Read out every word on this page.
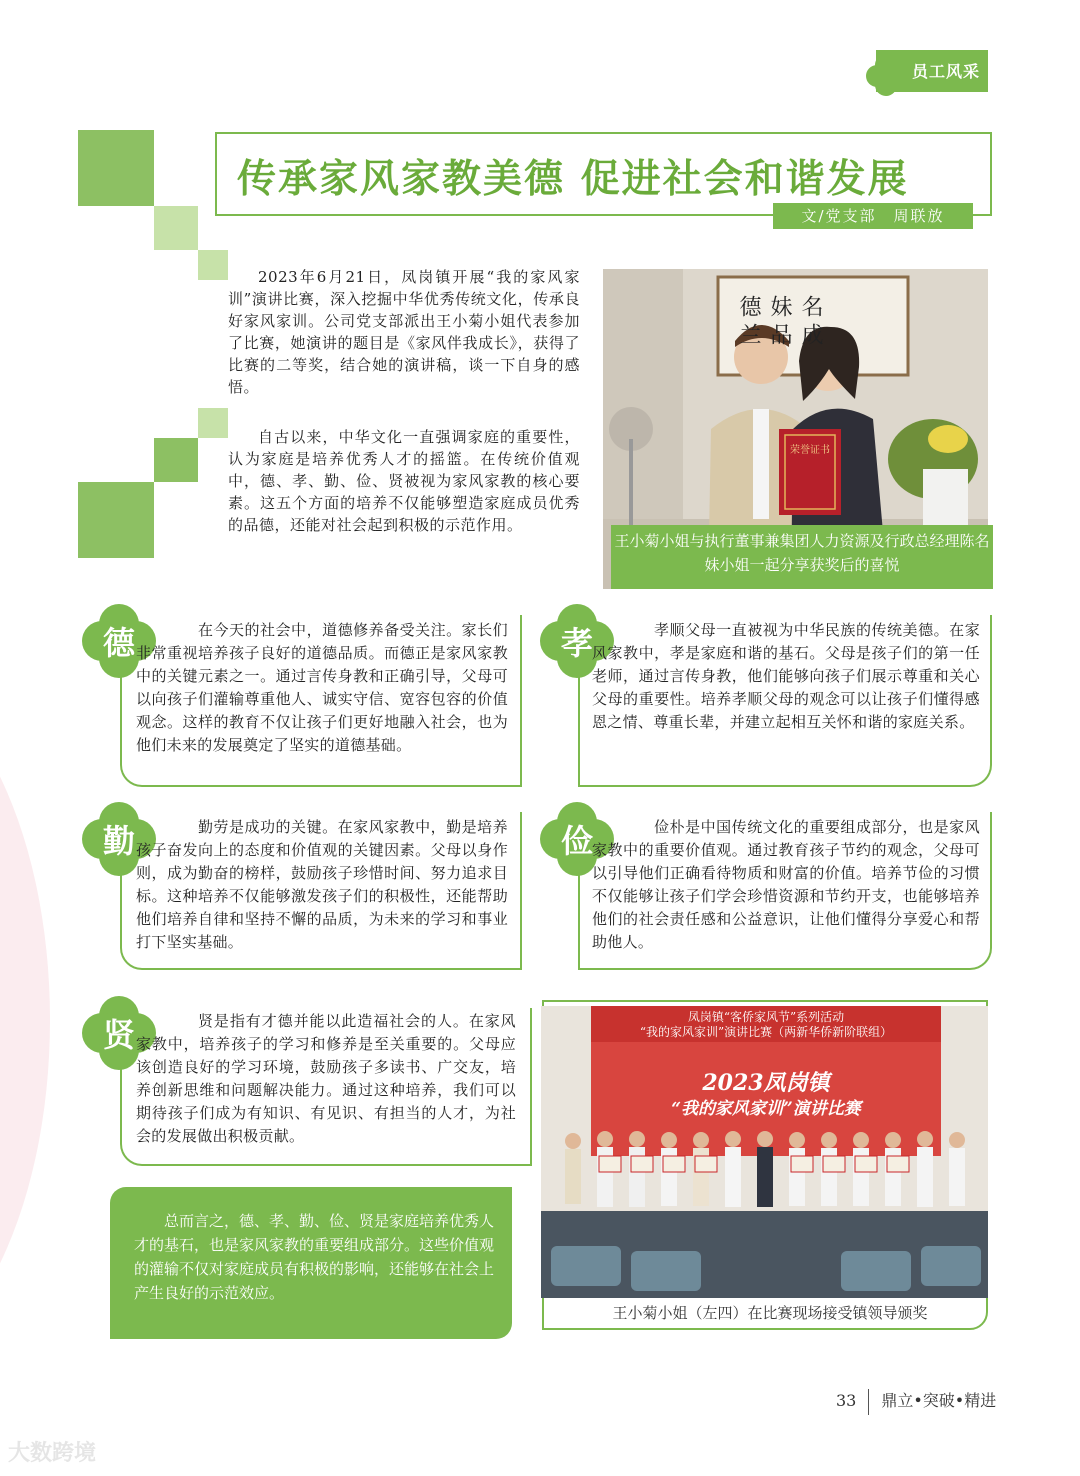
员工风采
传承家风家教美德 促进社会和谐发展
文/党支部　周联放
2023年6月21日，凤岗镇开展“我的家风家训”演讲比赛，深入挖掘中华优秀传统文化，传承良好家风家训。公司党支部派出王小菊小姐代表参加了比赛，她演讲的题目是《家风伴我成长》，获得了比赛的二等奖，结合她的演讲稿，谈一下自身的感悟。
自古以来，中华文化一直强调家庭的重要性，认为家庭是培养优秀人才的摇篮。在传统价值观中，德、孝、勤、俭、贤被视为家风家教的核心要素。这五个方面的培养不仅能够塑造家庭成员优秀的品德，还能对社会起到积极的示范作用。
名成妹品德兰
荣誉证书
王小菊小姐与执行董事兼集团人力资源及行政总经理陈名妹小姐一起分享获奖后的喜悦
德	在今天的社会中，道德修养备受关注。家长们非常重视培养孩子良好的道德品质。而德正是家风家教中的关键元素之一。通过言传身教和正确引导，父母可以向孩子们灌输尊重他人、诚实守信、宽容包容的价值观念。这样的教育不仅让孩子们更好地融入社会，也为他们未来的发展奠定了坚实的道德基础。
孝	孝顺父母一直被视为中华民族的传统美德。在家风家教中，孝是家庭和谐的基石。父母是孩子们的第一任老师，通过言传身教，他们能够向孩子们展示尊重和关心父母的重要性。培养孝顺父母的观念可以让孩子们懂得感恩之情、尊重长辈，并建立起相互关怀和谐的家庭关系。
勤	勤劳是成功的关键。在家风家教中，勤是培养孩子奋发向上的态度和价值观的关键因素。父母以身作则，成为勤奋的榜样，鼓励孩子珍惜时间、努力追求目标。这种培养不仅能够激发孩子们的积极性，还能帮助他们培养自律和坚持不懈的品质，为未来的学习和事业打下坚实基础。
俭	俭朴是中国传统文化的重要组成部分，也是家风家教中的重要价值观。通过教育孩子节约的观念，父母可以引导他们正确看待物质和财富的价值。培养节俭的习惯不仅能够让孩子们学会珍惜资源和节约开支，也能够培养他们的社会责任感和公益意识，让他们懂得分享爱心和帮助他人。
贤	贤是指有才德并能以此造福社会的人。在家风家教中，培养孩子的学习和修养是至关重要的。父母应该创造良好的学习环境，鼓励孩子多读书、广交友，培养创新思维和问题解决能力。通过这种培养，我们可以期待孩子们成为有知识、有见识、有担当的人才，为社会的发展做出积极贡献。
凤岗镇“客侨家风节”系列活动
“我的家风家训”演讲比赛（两新华侨新阶联组）
2023凤岗镇
“我的家风家训”演讲比赛
王小菊小姐（左四）在比赛现场接受镇领导颁奖
总而言之，德、孝、勤、俭、贤是家庭培养优秀人才的基石，也是家风家教的重要组成部分。这些价值观的灌输不仅对家庭成员有积极的影响，还能够在社会上产生良好的示范效应。
33 鼎立•突破•精进
大数跨境
